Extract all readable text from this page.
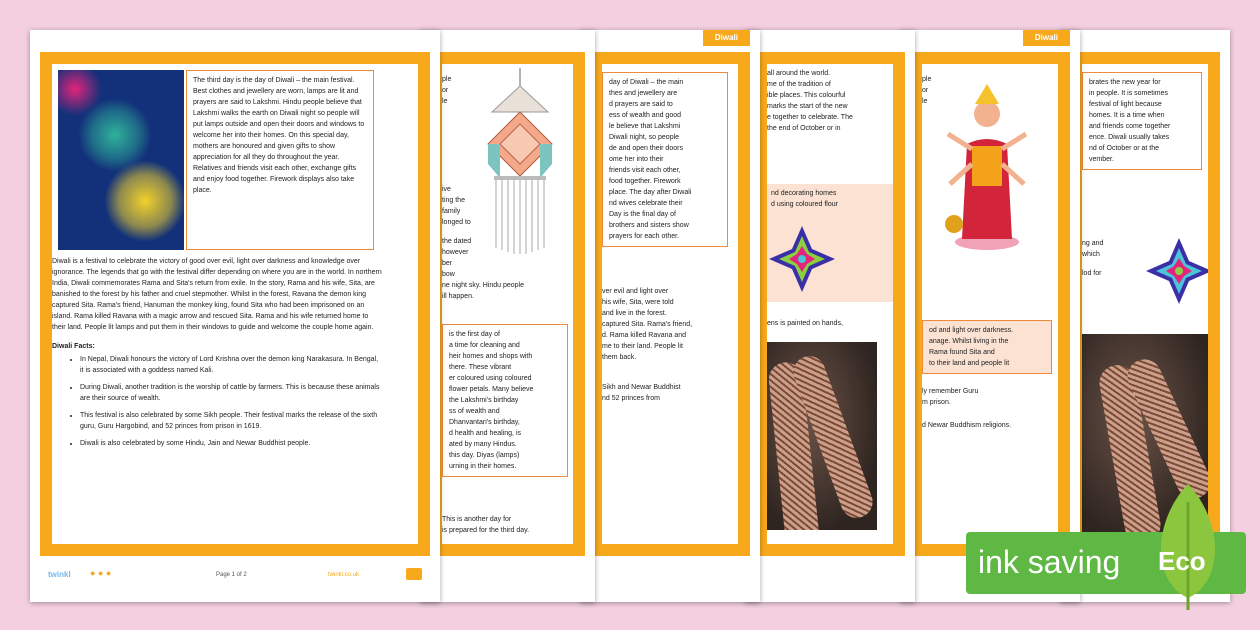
brates the new year for
in people. It is sometimes
festival of light because
homes. It is a time when
and friends come together
ence. Diwali usually takes
nd of October or at the
vember.
ng and
which
lod for
Diwali
ple
or
le
od and light over darkness.
anage. Whilst living in the
Rama found Sita and
to their land and people lit
ly remember Guru
m prison.
d Newar Buddhism religions.
all around the world.
me of the tradition of
ible places. This colourful
marks the start of the new
e together to celebrate. The
the end of October or in
nd decorating homes
d using coloured flour
ens is painted on hands,
Diwali
day of Diwali – the main
thes and jewellery are
d prayers are said to
ess of wealth and good
le believe that Lakshmi
Diwali night, so people
de and open their doors
ome her into their
friends visit each other,
food together. Firework
place. The day after Diwali
nd wives celebrate their
Day is the final day of
brothers and sisters show
prayers for each other.
ver evil and light over
his wife, Sita, were told
and live in the forest.
captured Sita. Rama's friend,
d. Rama killed Ravana and
me to their land. People lit
them back.
Sikh and Newar Buddhist
nd 52 princes from
ple
or
le
ive
ting the
family
longed to
the dated
however
ber
bow
ne night sky. Hindu people
ill happen.
is the first day of
a time for cleaning and
heir homes and shops with
there. These vibrant
er coloured using coloured
flower petals. Many believe
the Lakshmi's birthday
ss of wealth and
Dhanvantari's birthday,
d health and healing, is
ated by many Hindus.
this day. Diyas (lamps)
urning in their homes.
This is another day for
is prepared for the third day.
The third day is the day of Diwali – the main festival. Best clothes and jewellery are worn, lamps are lit and prayers are said to Lakshmi. Hindu people believe that Lakshmi walks the earth on Diwali night so people will put lamps outside and open their doors and windows to welcome her into their homes. On this special day, mothers are honoured and given gifts to show appreciation for all they do throughout the year. Relatives and friends visit each other, exchange gifts and enjoy food together. Firework displays also take place.

Diwali is a festival to celebrate the victory of good over evil, light over darkness and knowledge over ignorance. The legends that go with the festival differ depending on where you are in the world. In northern India, Diwali commemorates Rama and Sita's return from exile. In the story, Rama and his wife, Sita, are banished to the forest by his father and cruel stepmother. Whilst in the forest, Ravana the demon king captured Sita. Rama's friend, Hanuman the monkey king, found Sita who had been imprisoned on an island. Rama killed Ravana with a magic arrow and rescued Sita. Rama and his wife returned home to their land. People lit lamps and put them in their windows to guide and welcome the couple home again.

Diwali Facts:

• In Nepal, Diwali honours the victory of Lord Krishna over the demon king Narakasura. In Bengal, it is associated with a goddess named Kali.
• During Diwali, another tradition is the worship of cattle by farmers. This is because these animals are their source of wealth.
• This festival is also celebrated by some Sikh people. Their festival marks the release of the sixth guru, Guru Hargobind, and 52 princes from prison in 1619.
• Diwali is also celebrated by some Hindu, Jain and Newar Buddhist people.
twinkl ● ● ●	Page 1 of 2	twinkl.co.uk	ink saving Eco
